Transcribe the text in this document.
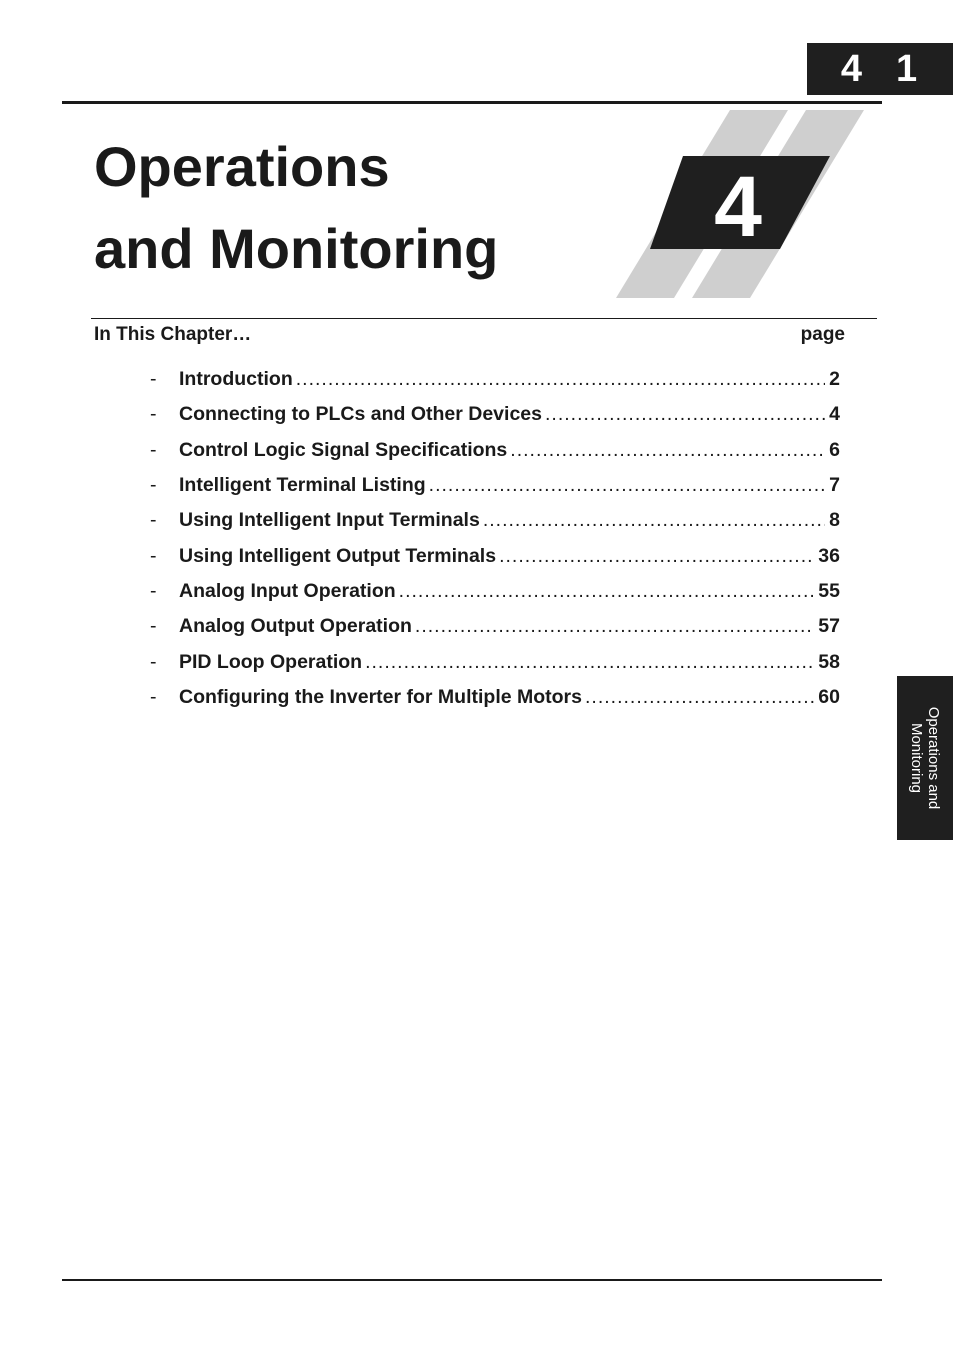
4 1
Operations
and Monitoring	4
In This Chapter…	page
-	Introduction .....	2
-	Connecting to PLCs and Other Devices .....	4
-	Control Logic Signal Specifications .....	6
-	Intelligent Terminal Listing .....	7
-	Using Intelligent Input Terminals .....	8
-	Using Intelligent Output Terminals .....	36
-	Analog Input Operation .....	55
-	Analog Output Operation .....	57
-	PID Loop Operation .....	58
-	Configuring the Inverter for Multiple Motors .....	60
Operations and
Monitoring
